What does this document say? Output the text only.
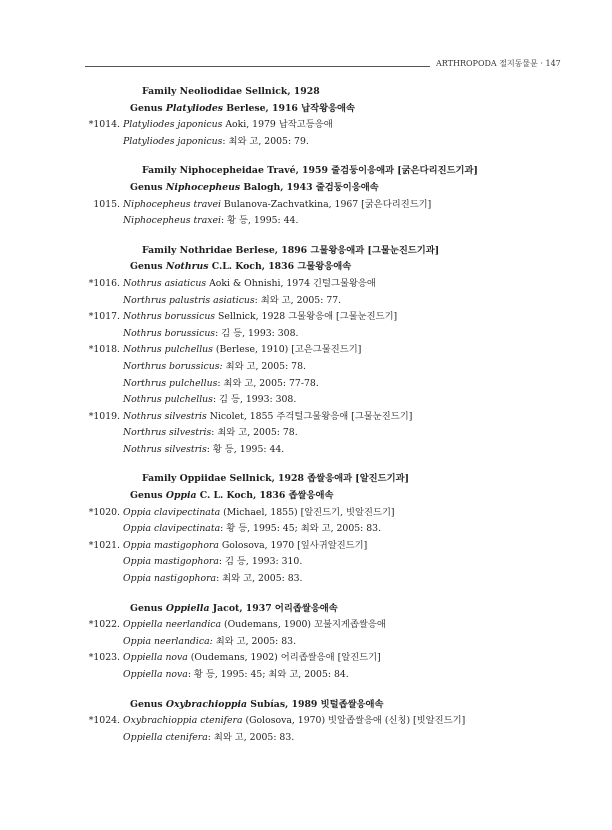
ARTHROPODA 절지동물문 · 147
Family Neoliodidae Sellnick, 1928
Genus Platyliodes Berlese, 1916 납작왕응애속
*1014. Platyliodes japonicus Aoki, 1979 납작고등응애
Platyliodes japonicus: 최와 고, 2005: 79.
Family Niphocepheidae Travé, 1959 줄검둥이응애과 [굵은다리진드기과]
Genus Niphocepheus Balogh, 1943 줄검둥이응애속
1015. Niphocepheus travei Bulanova-Zachvatkina, 1967 [굵은다리진드기]
Niphocepheus traxei: 황 등, 1995: 44.
Family Nothridae Berlese, 1896 그물왕응애과 [그물눈진드기과]
Genus Nothrus C.L. Koch, 1836 그물왕응애속
*1016. Nothrus asiaticus Aoki & Ohnishi, 1974 긴털그물왕응애
Northrus palustris asiaticus: 최와 고, 2005: 77.
*1017. Nothrus borussicus Sellnick, 1928 그물왕응애 [그물눈진드기]
Nothrus borussicus: 김 등, 1993: 308.
*1018. Nothrus pulchellus (Berlese, 1910) [고은그물진드기]
Northrus borussicus: 최와 고, 2005: 78.
Northrus pulchellus: 최와 고, 2005: 77-78.
Nothrus pulchellus: 김 등, 1993: 308.
*1019. Nothrus silvestris Nicolet, 1855 주걱털그물왕응애 [그물눈진드기]
Northrus silvestris: 최와 고, 2005: 78.
Nothrus silvestris: 황 등, 1995: 44.
Family Oppiidae Sellnick, 1928 좁쌀응애과 [알진드기과]
Genus Oppia C. L. Koch, 1836 좁쌀응애속
*1020. Oppia clavipectinata (Michael, 1855) [알진드기, 빗알진드기]
Oppia clavipectinata: 황 등, 1995: 45; 최와 고, 2005: 83.
*1021. Oppia mastigophora Golosova, 1970 [잎사귀알진드기]
Oppia mastigophora: 김 등, 1993: 310.
Oppia nastigophora: 최와 고, 2005: 83.
Genus Oppiella Jacot, 1937 어리좁쌀응애속
*1022. Oppiella neerlandica (Oudemans, 1900) 꼬불지게좁쌀응애
Oppia neerlandica: 최와 고, 2005: 83.
*1023. Oppiella nova (Oudemans, 1902) 어리좁쌀응애 [알진드기]
Oppiella nova: 황 등, 1995: 45; 최와 고, 2005: 84.
Genus Oxybrachioppia Subías, 1989 빗털좁쌀응애속
*1024. Oxybrachioppia ctenifera (Golosova, 1970) 빗알좁쌀응애 (신칭) [빗알진드기]
Oppiella ctenifera: 최와 고, 2005: 83.
